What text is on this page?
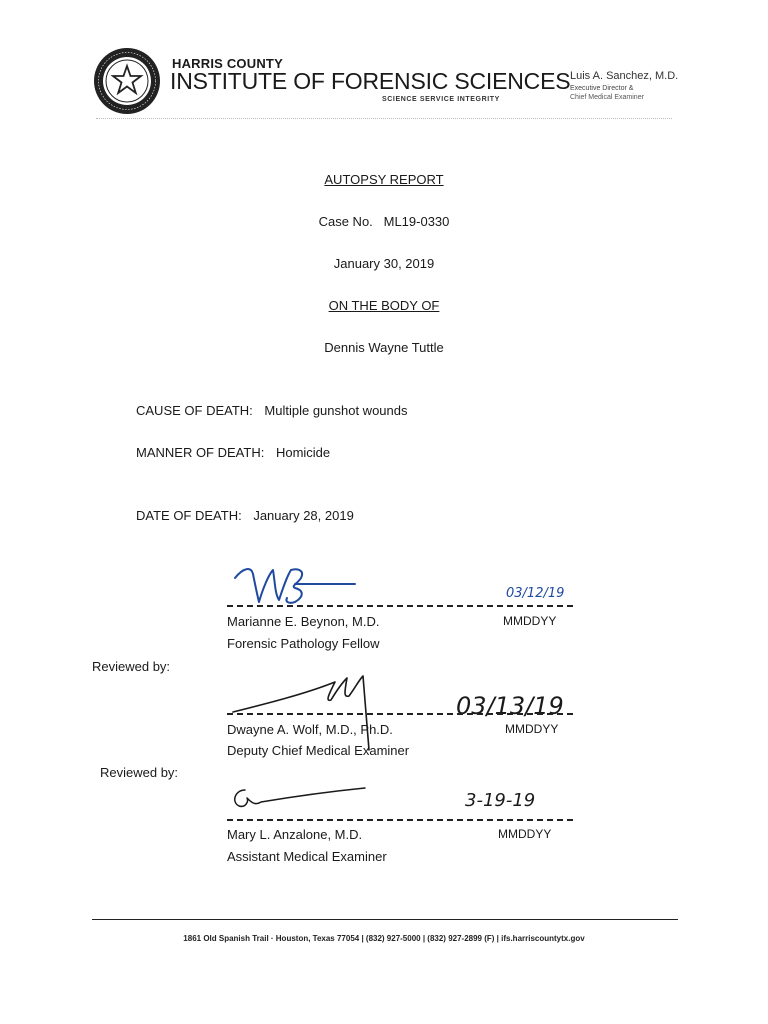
HARRIS COUNTY
INSTITUTE OF FORENSIC SCIENCES
SCIENCE SERVICE INTEGRITY
Luis A. Sanchez, M.D.
Executive Director &
Chief Medical Examiner
AUTOPSY REPORT
Case No.   ML19-0330
January 30, 2019
ON THE BODY OF
Dennis Wayne Tuttle
CAUSE OF DEATH: Multiple gunshot wounds
MANNER OF DEATH: Homicide
DATE OF DEATH: January 28, 2019
03/12/19
Marianne E. Beynon, M.D.
Forensic Pathology Fellow
MMDDYY
Reviewed by:
03/13/19
Dwayne A. Wolf, M.D., Ph.D.
Deputy Chief Medical Examiner
MMDDYY
Reviewed by:
3-19-19
Mary L. Anzalone, M.D.
Assistant Medical Examiner
MMDDYY
1861 Old Spanish Trail · Houston, Texas 77054 | (832) 927-5000 | (832) 927-2899 (F) | ifs.harriscountytx.gov
